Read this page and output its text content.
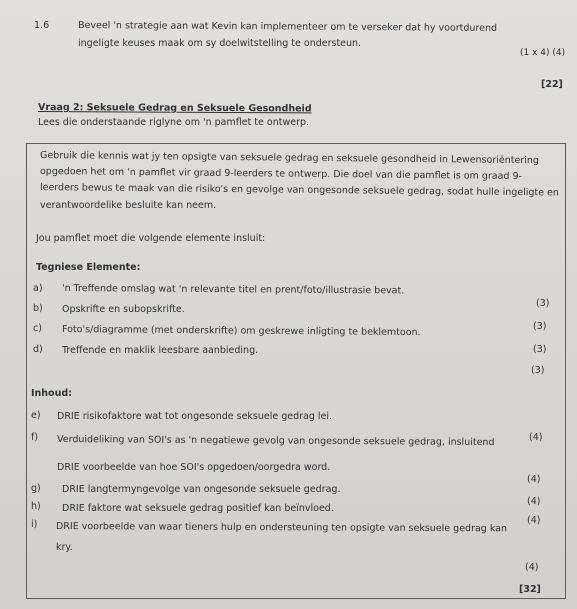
1.6	Beveel 'n strategie aan wat Kevin kan implementeer om te verseker dat hy voortdurend
ingeligte keuses maak om sy doelwitstelling te ondersteun.
(1 x 4) (4)
[22]
Vraag 2: Seksuele Gedrag en Seksuele Gesondheid
Lees die onderstaande riglyne om 'n pamflet te ontwerp.
Gebruik die kennis wat jy ten opsigte van seksuele gedrag en seksuele gesondheid in Lewensoriëntering
opgedoen het om 'n pamflet vir graad 9-leerders te ontwerp. Die doel van die pamflet is om graad 9-
leerders bewus te maak van die risiko's en gevolge van ongesonde seksuele gedrag, sodat hulle ingeligte en
verantwoordelike besluite kan neem.
Jou pamflet moet die volgende elemente insluit:
Tegniese Elemente:
a) 'n Treffende omslag wat 'n relevante titel en prent/foto/illustrasie bevat.
(3)
b) Opskrifte en subopskrifte.
(3)
c) Foto's/diagramme (met onderskrifte) om geskrewe inligting te beklemtoon.
(3)
d) Treffende en maklik leesbare aanbieding.
(3)
Inhoud:
e) DRIE risikofaktore wat tot ongesonde seksuele gedrag lei.
(4)
f) Verduideliking van SOI's as 'n negatiewe gevolg van ongesonde seksuele gedrag, insluitend
DRIE voorbeelde van hoe SOI's opgedoen/oorgedra word.
(4)
g) DRIE langtermyngevolge van ongesonde seksuele gedrag.
(4)
h) DRIE faktore wat seksuele gedrag positief kan beïnvloed.
(4)
i) DRIE voorbeelde van waar tieners hulp en ondersteuning ten opsigte van seksuele gedrag kan
kry.
(4)
[32]
